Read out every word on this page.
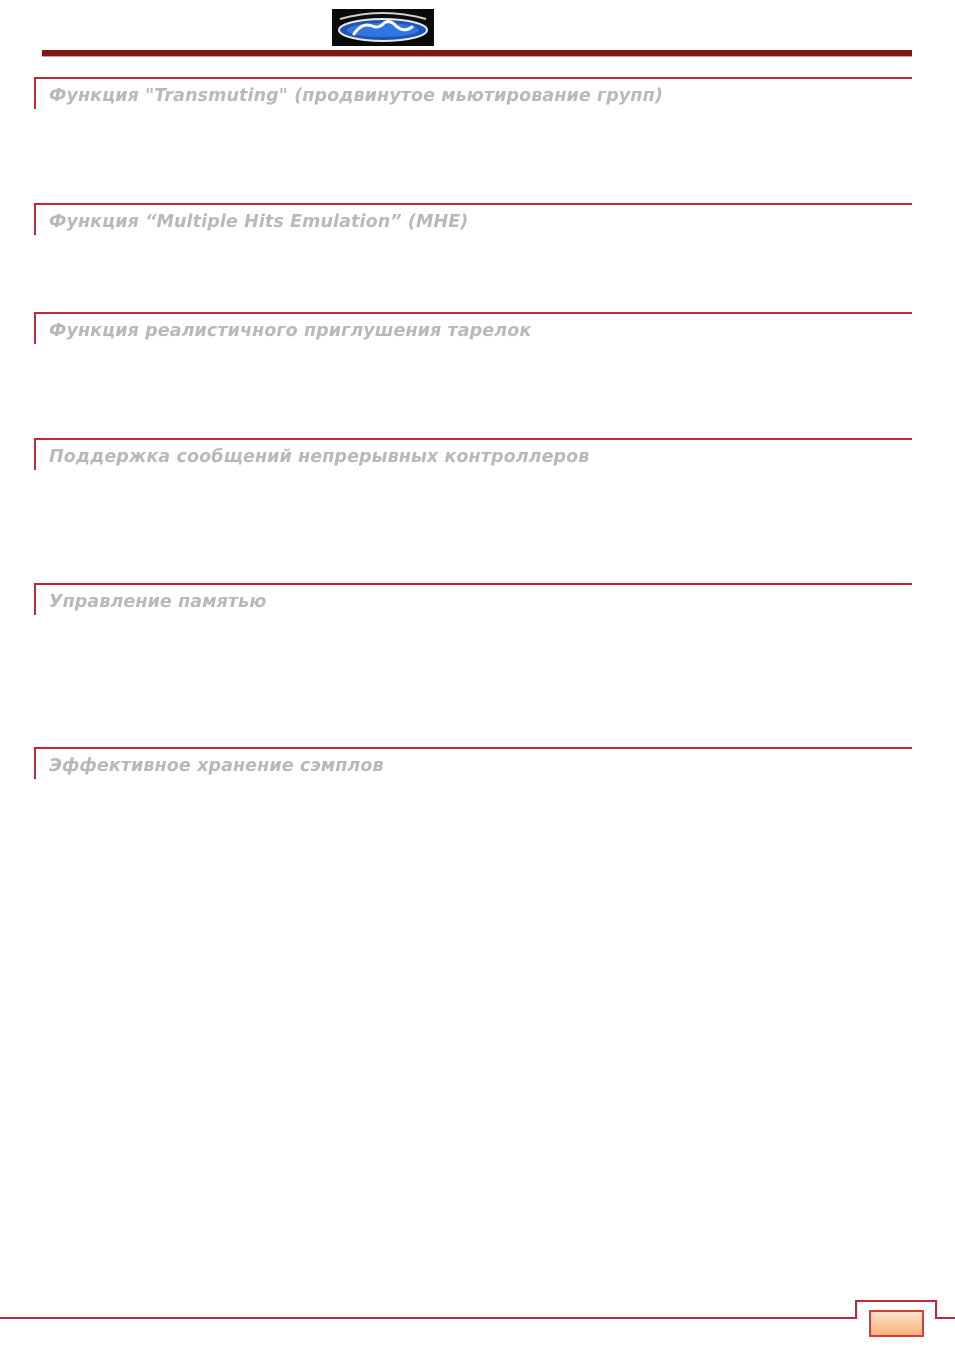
Функция "Transmuting" (продвинутое мьютирование групп)
Функция “Multiple Hits Emulation” (MHE)
Функция реалистичного приглушения тарелок
Поддержка сообщений непрерывных контроллеров
Управление памятью
Эффективное хранение сэмплов
